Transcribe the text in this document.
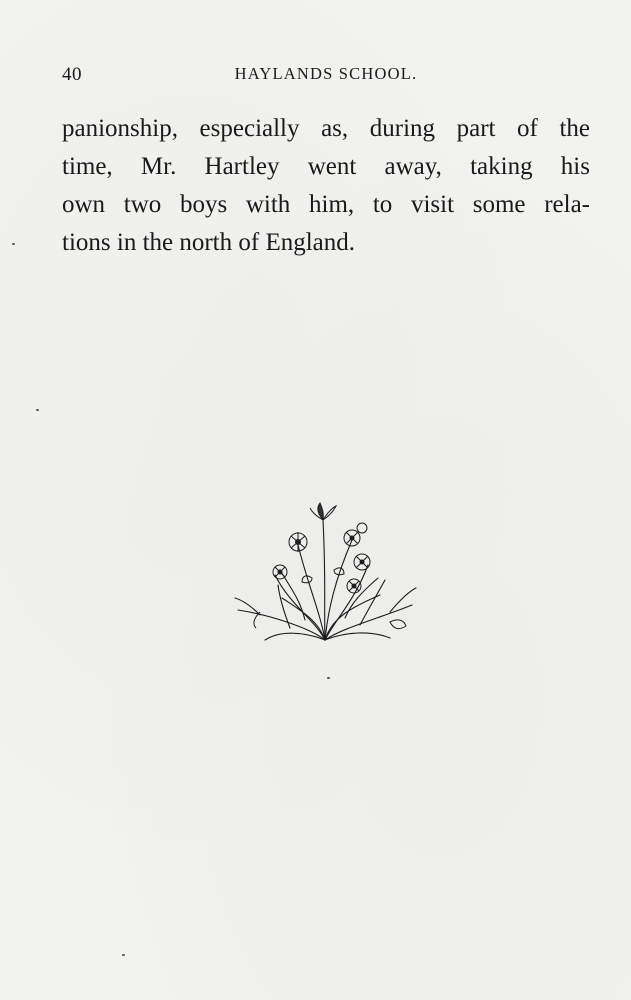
40	HAYLANDS SCHOOL.
panionship, especially as, during part of the
time, Mr. Hartley went away, taking his
own two boys with him, to visit some rela-
tions in the north of England.
